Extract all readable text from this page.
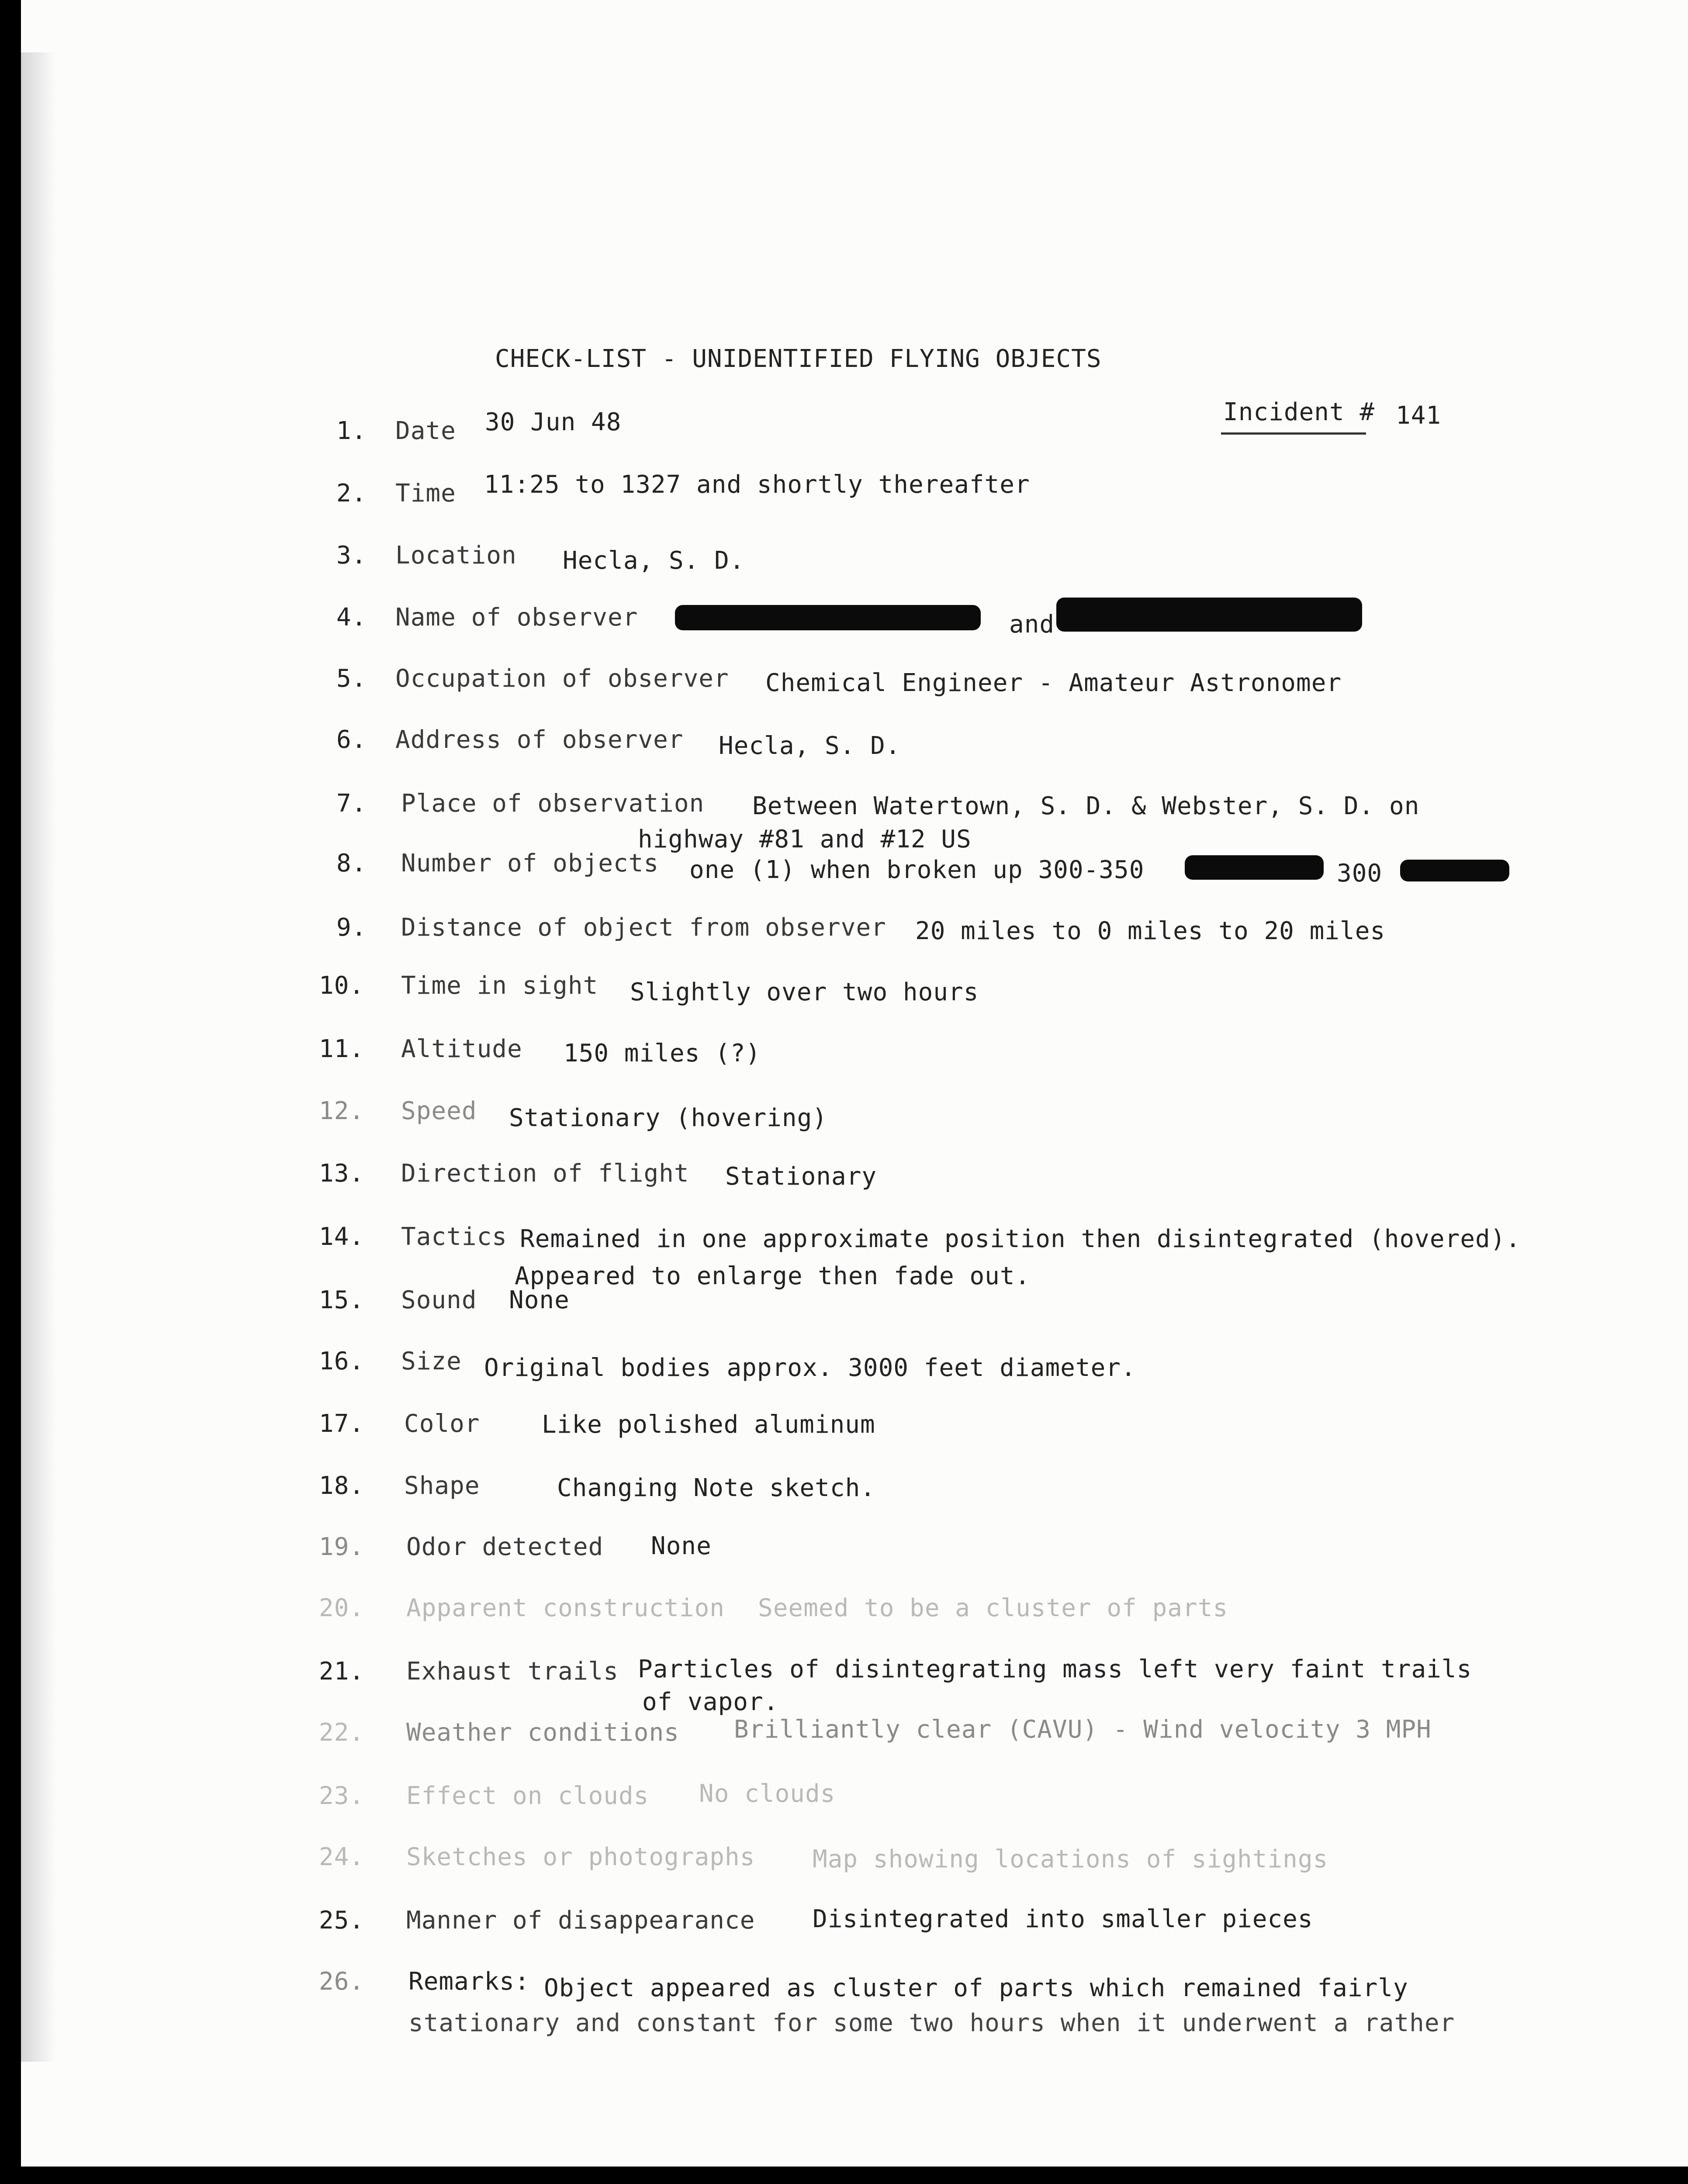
CHECK-LIST - UNIDENTIFIED FLYING OBJECTS
Incident # 141
1. Date 30 Jun 48
2. Time 11:25 to 1327 and shortly thereafter
3. Location Hecla, S. D.
4. Name of observer	and
5. Occupation of observer Chemical Engineer - Amateur Astronomer
6. Address of observer Hecla, S. D.
7. Place of observation Between Watertown, S. D. & Webster, S. D. on
highway #81 and #12 US
8. Number of objects one (1) when broken up 300-350	300
9. Distance of object from observer 20 miles to 0 miles to 20 miles
10. Time in sight Slightly over two hours
11. Altitude 150 miles (?)
12. Speed Stationary (hovering)
13. Direction of flight Stationary
14. Tactics Remained in one approximate position then disintegrated (hovered).
Appeared to enlarge then fade out.
15. Sound None
16. Size Original bodies approx. 3000 feet diameter.
17. Color	Like polished aluminum
18. Shape	Changing Note sketch.
19. Odor detected None
20. Apparent construction Seemed to be a cluster of parts
21. Exhaust trails Particles of disintegrating mass left very faint trails
of vapor.
22. Weather conditions Brilliantly clear (CAVU) - Wind velocity 3 MPH
23. Effect on clouds No clouds
24. Sketches or photographs Map showing locations of sightings
25. Manner of disappearance Disintegrated into smaller pieces
26. Remarks: Object appeared as cluster of parts which remained fairly
stationary and constant for some two hours when it underwent a rather
